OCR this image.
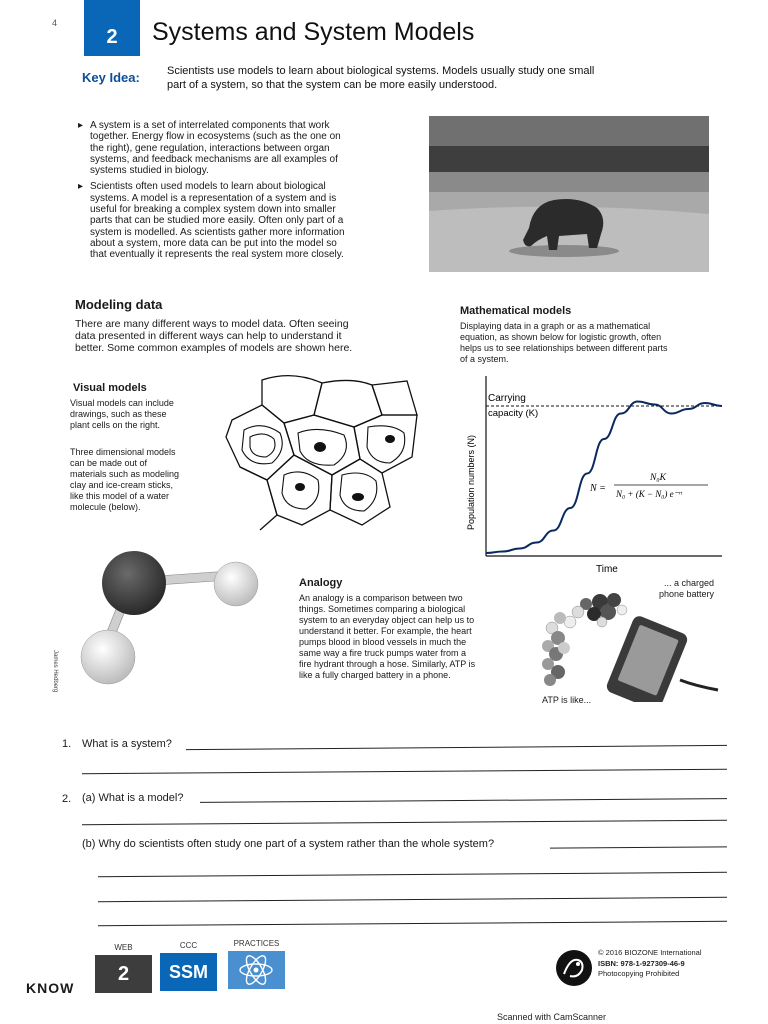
4
2	Systems and System Models
Key Idea: Scientists use models to learn about biological systems. Models usually study one small
part of a system, so that the system can be more easily understood.

▸ A system is a set of interrelated components that work
together. Energy flow in ecosystems (such as the one on
the right), gene regulation, interactions between organ
systems, and feedback mechanisms are all examples of
systems studied in biology.

▸ Scientists often used models to learn about biological
systems. A model is a representation of a system and is
useful for breaking a complex system down into smaller
parts that can be studied more easily. Often only part of a
system is modelled. As scientists gather more information
about a system, more data can be put into the model so
that eventually it represents the real system more closely.

Modeling data
There are many different ways to model data. Often seeing
data presented in different ways can help to understand it
better. Some common examples of models are shown here.
Visual models
Visual models can include
drawings, such as these
plant cells on the right.
Three dimensional models
can be made out of
materials such as modeling
clay and ice-cream sticks,
like this model of a water
molecule (below).
James Hedberg
Mathematical models
Displaying data in a graph or as a mathematical
equation, as shown below for logistic growth, often
helps us to see relationships between different parts
of a system.
Carrying
capacity (K)
Population numbers (N)
Time
N =
N₀K
N₀ + (K − N₀) e⁻ʳᵗ
Analogy
An analogy is a comparison between two
things. Sometimes comparing a biological
system to an everyday object can help us to
understand it better. For example, the heart
pumps blood in blood vessels in much the
same way a fire truck pumps water from a
fire hydrant through a hose. Similarly, ATP is
like a fully charged battery in a phone.
... a charged
phone battery
ATP is like...
1. What is a system?
2. (a) What is a model?
(b) Why do scientists often study one part of a system rather than the whole system?
KNOW
WEB
2
CCC
SSM
PRACTICES
© 2016 BIOZONE International
ISBN: 978-1-927309-46-9
Photocopying Prohibited
Scanned with CamScanner
